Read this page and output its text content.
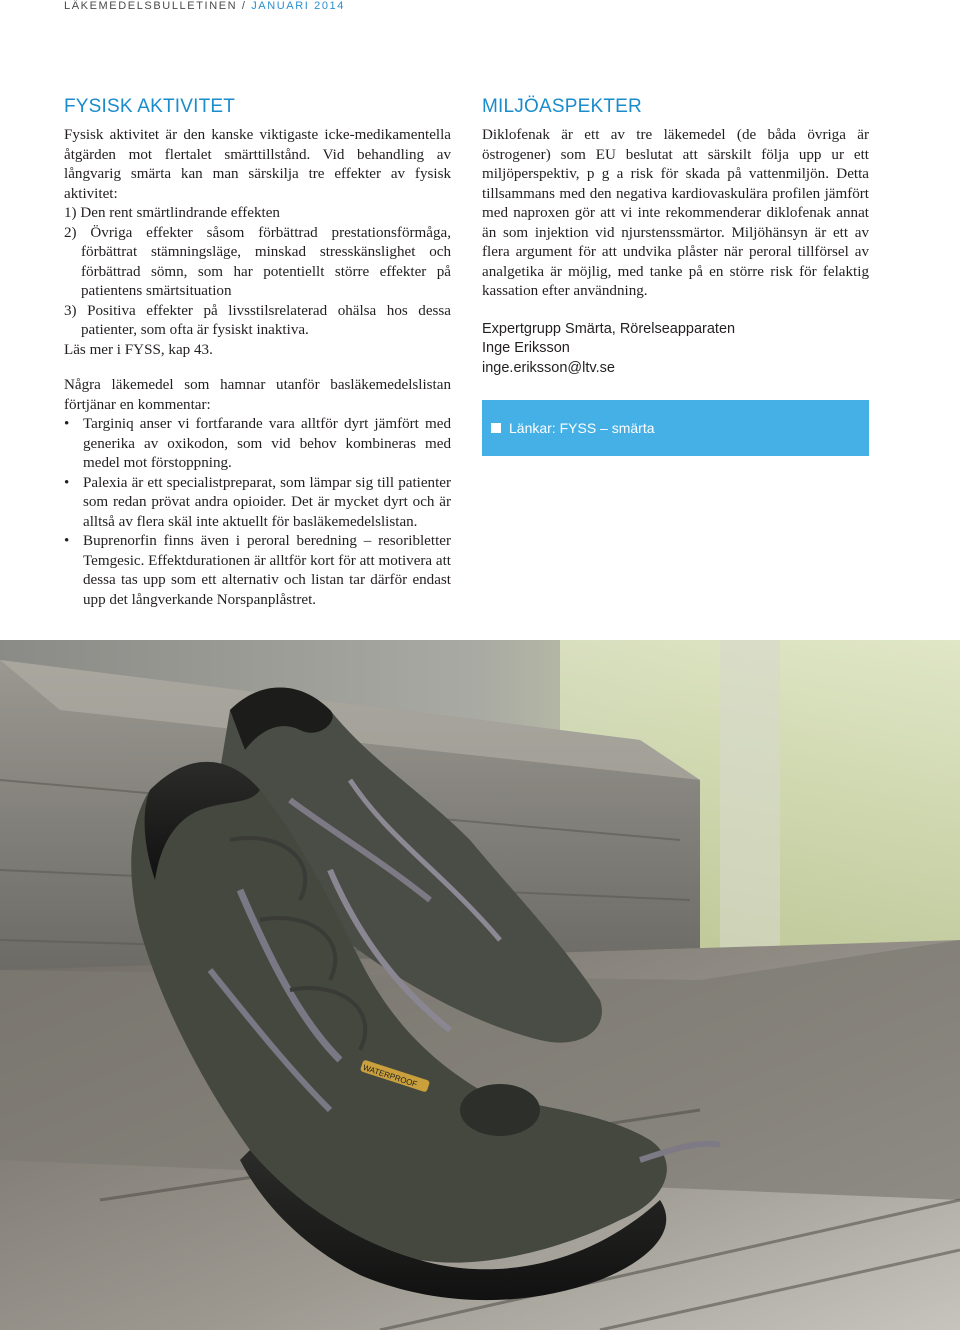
LÄKEMEDELSBULLETINEN / JANUARI 2014
FYSISK AKTIVITET

Fysisk aktivitet är den kanske viktigaste icke-medikamentella åtgärden mot flertalet smärttillstånd. Vid behandling av långvarig smärta kan man särskilja tre effekter av fysisk aktivitet:

1) Den rent smärtlindrande effekten
2) Övriga effekter såsom förbättrad prestationsförmåga, förbättrat stämningsläge, minskad stresskänslighet och förbättrad sömn, som har potentiellt större effekter på patientens smärtsituation
3) Positiva effekter på livsstilsrelaterad ohälsa hos dessa patienter, som ofta är fysiskt inaktiva.

Läs mer i FYSS, kap 43.

Några läkemedel som hamnar utanför basläkemedelslistan förtjänar en kommentar:

• Targiniq anser vi fortfarande vara alltför dyrt jämfört med generika av oxikodon, som vid behov kombineras med medel mot förstoppning.
• Palexia är ett specialistpreparat, som lämpar sig till patienter som redan prövat andra opioider. Det är mycket dyrt och är alltså av flera skäl inte aktuellt för basläkemedelslistan.
• Buprenorfin finns även i peroral beredning – resoribletter Temgesic. Effektdurationen är alltför kort för att motivera att dessa tas upp som ett alternativ och listan tar därför endast upp det långverkande Norspanplåstret.
MILJÖASPEKTER

Diklofenak är ett av tre läkemedel (de båda övriga är östrogener) som EU beslutat att särskilt följa upp ur ett miljöperspektiv, p g a risk för skada på vattenmiljön. Detta tillsammans med den negativa kardiovaskulära profilen jämfört med naproxen gör att vi inte rekommenderar diklofenak annat än som injektion vid njurstenssmärtor. Miljöhänsyn är ett av flera argument för att undvika plåster när peroral tillförsel av analgetika är möjlig, med tanke på en större risk för felaktig kassation efter användning.

Expertgrupp Smärta, Rörelseapparaten
Inge Eriksson
inge.eriksson@ltv.se
Länkar: FYSS – smärta
WATERPROOF
